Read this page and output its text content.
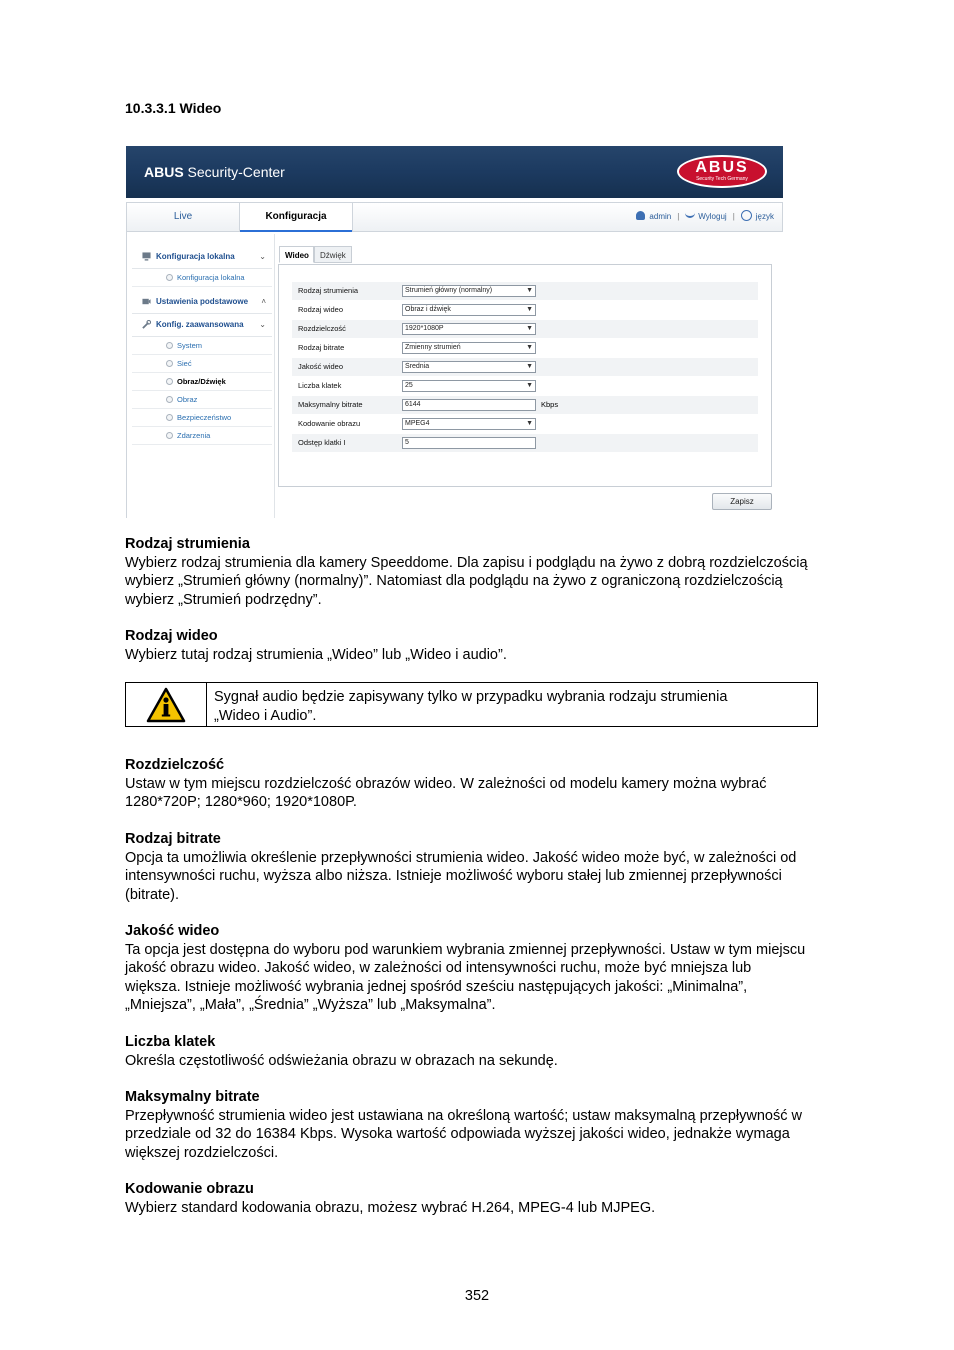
10.3.3.1 Wideo
ABUS Security-Center	ABUS
Security Tech Germany
Live	Konfiguracja	admin | Wyloguj |	język
Konfiguracja lokalna	⌄
Konfiguracja lokalna
Ustawienia podstawowe ˄
Konfig. zaawansowana ⌄
System
Sieć
Obraz/Dźwięk
Obraz
Bezpieczeństwo
Zdarzenia
Wideo	Dźwięk
Rodzaj strumienia	Strumień główny (normalny)	▼
Rodzaj wideo	Obraz i dźwięk	▼
Rozdzielczość	1920*1080P	▼
Rodzaj bitrate	Zmienny strumień	▼
Jakość wideo	Średnia	▼
Liczba klatek	25	▼
Maksymalny bitrate	6144	Kbps
Kodowanie obrazu	MPEG4	▼
Odstęp klatki I	5
Zapisz
Rodzaj strumienia

Wybierz rodzaj strumienia dla kamery Speeddome. Dla zapisu i podglądu na żywo z dobrą rozdzielczością

wybierz „Strumień główny (normalny)”. Natomiast dla podglądu na żywo z ograniczoną rozdzielczością

wybierz „Strumień podrzędny”.

Rodzaj wideo

Wybierz tutaj rodzaj strumienia „Wideo” lub „Wideo i audio”.

Sygnał audio będzie zapisywany tylko w przypadku wybrania rodzaju strumienia
„Wideo i Audio”.
Rozdzielczość

Ustaw w tym miejscu rozdzielczość obrazów wideo. W zależności od modelu kamery można wybrać

1280*720P; 1280*960; 1920*1080P.

Rodzaj bitrate

Opcja ta umożliwia określenie przepływności strumienia wideo. Jakość wideo może być, w zależności od

intensywności ruchu, wyższa albo niższa. Istnieje możliwość wyboru stałej lub zmiennej przepływności

(bitrate).

Jakość wideo

Ta opcja jest dostępna do wyboru pod warunkiem wybrania zmiennej przepływności. Ustaw w tym miejscu

jakość obrazu wideo. Jakość wideo, w zależności od intensywności ruchu, może być mniejsza lub

większa. Istnieje możliwość wybrania jednej spośród sześciu następujących jakości: „Minimalna”,

„Mniejsza”, „Mała”, „Średnia” „Wyższa” lub „Maksymalna”.

Liczba klatek

Określa częstotliwość odświeżania obrazu w obrazach na sekundę.

Maksymalny bitrate

Przepływność strumienia wideo jest ustawiana na określoną wartość; ustaw maksymalną przepływność w

przedziale od 32 do 16384 Kbps. Wysoka wartość odpowiada wyższej jakości wideo, jednakże wymaga

większej rozdzielczości.

Kodowanie obrazu

Wybierz standard kodowania obrazu, możesz wybrać H.264, MPEG-4 lub MJPEG.

352
